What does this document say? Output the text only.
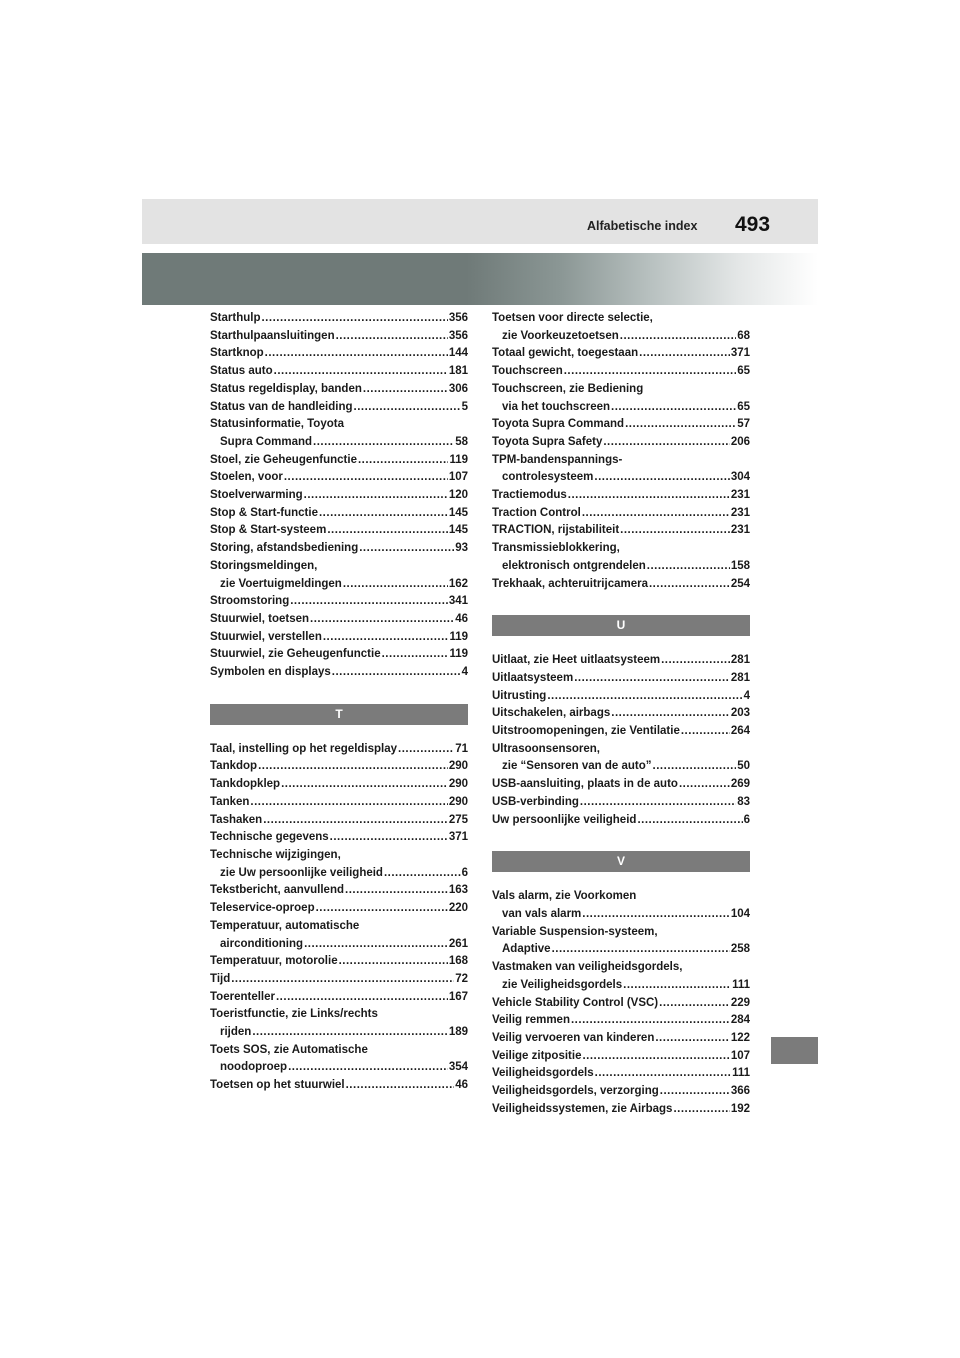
Alfabetische index 493
Starthulp .....	356
Starthulpaansluitingen .....	356
Startknop .....	144
Status auto .....	181
Status regeldisplay, banden .....	306
Status van de handleiding .....	5
Statusinformatie, Toyota
Supra Command .....	58
Stoel, zie Geheugenfunctie .....	119
Stoelen, voor .....	107
Stoelverwarming .....	120
Stop & Start-functie .....	145
Stop & Start-systeem .....	145
Storing, afstandsbediening .....	93
Storingsmeldingen,
zie Voertuigmeldingen .....	162
Stroomstoring .....	341
Stuurwiel, toetsen .....	46
Stuurwiel, verstellen .....	119
Stuurwiel, zie Geheugenfunctie .....	119
Symbolen en displays .....	4
T
Taal, instelling op het regeldisplay .....	71
Tankdop .....	290
Tankdopklep .....	290
Tanken .....	290
Tashaken .....	275
Technische gegevens .....	371
Technische wijzigingen,
zie Uw persoonlijke veiligheid .....	6
Tekstbericht, aanvullend .....	163
Teleservice-oproep .....	220
Temperatuur, automatische
airconditioning .....	261
Temperatuur, motorolie .....	168
Tijd .....	72
Toerenteller .....	167
Toeristfunctie, zie Links/rechts
rijden .....	189
Toets SOS, zie Automatische
noodoproep .....	354
Toetsen op het stuurwiel .....	46
Toetsen voor directe selectie,
zie Voorkeuzetoetsen .....	68
Totaal gewicht, toegestaan .....	371
Touchscreen .....	65
Touchscreen, zie Bediening
via het touchscreen .....	65
Toyota Supra Command .....	57
Toyota Supra Safety .....	206
TPM-bandenspannings-
controlesysteem .....	304
Tractiemodus .....	231
Traction Control .....	231
TRACTION, rijstabiliteit .....	231
Transmissieblokkering,
elektronisch ontgrendelen .....	158
Trekhaak, achteruitrijcamera .....	254
U
Uitlaat, zie Heet uitlaatsysteem .....	281
Uitlaatsysteem .....	281
Uitrusting .....	4
Uitschakelen, airbags .....	203
Uitstroomopeningen, zie Ventilatie .....	264
Ultrasoonsensoren,
zie “Sensoren van de auto” .....	50
USB-aansluiting, plaats in de auto .....	269
USB-verbinding .....	83
Uw persoonlijke veiligheid .....	6
V
Vals alarm, zie Voorkomen
van vals alarm .....	104
Variable Suspension-systeem,
Adaptive .....	258
Vastmaken van veiligheidsgordels,
zie Veiligheidsgordels .....	111
Vehicle Stability Control (VSC) .....	229
Veilig remmen .....	284
Veilig vervoeren van kinderen .....	122
Veilige zitpositie .....	107
Veiligheidsgordels .....	111
Veiligheidsgordels, verzorging .....	366
Veiligheidssystemen, zie Airbags .....	192
